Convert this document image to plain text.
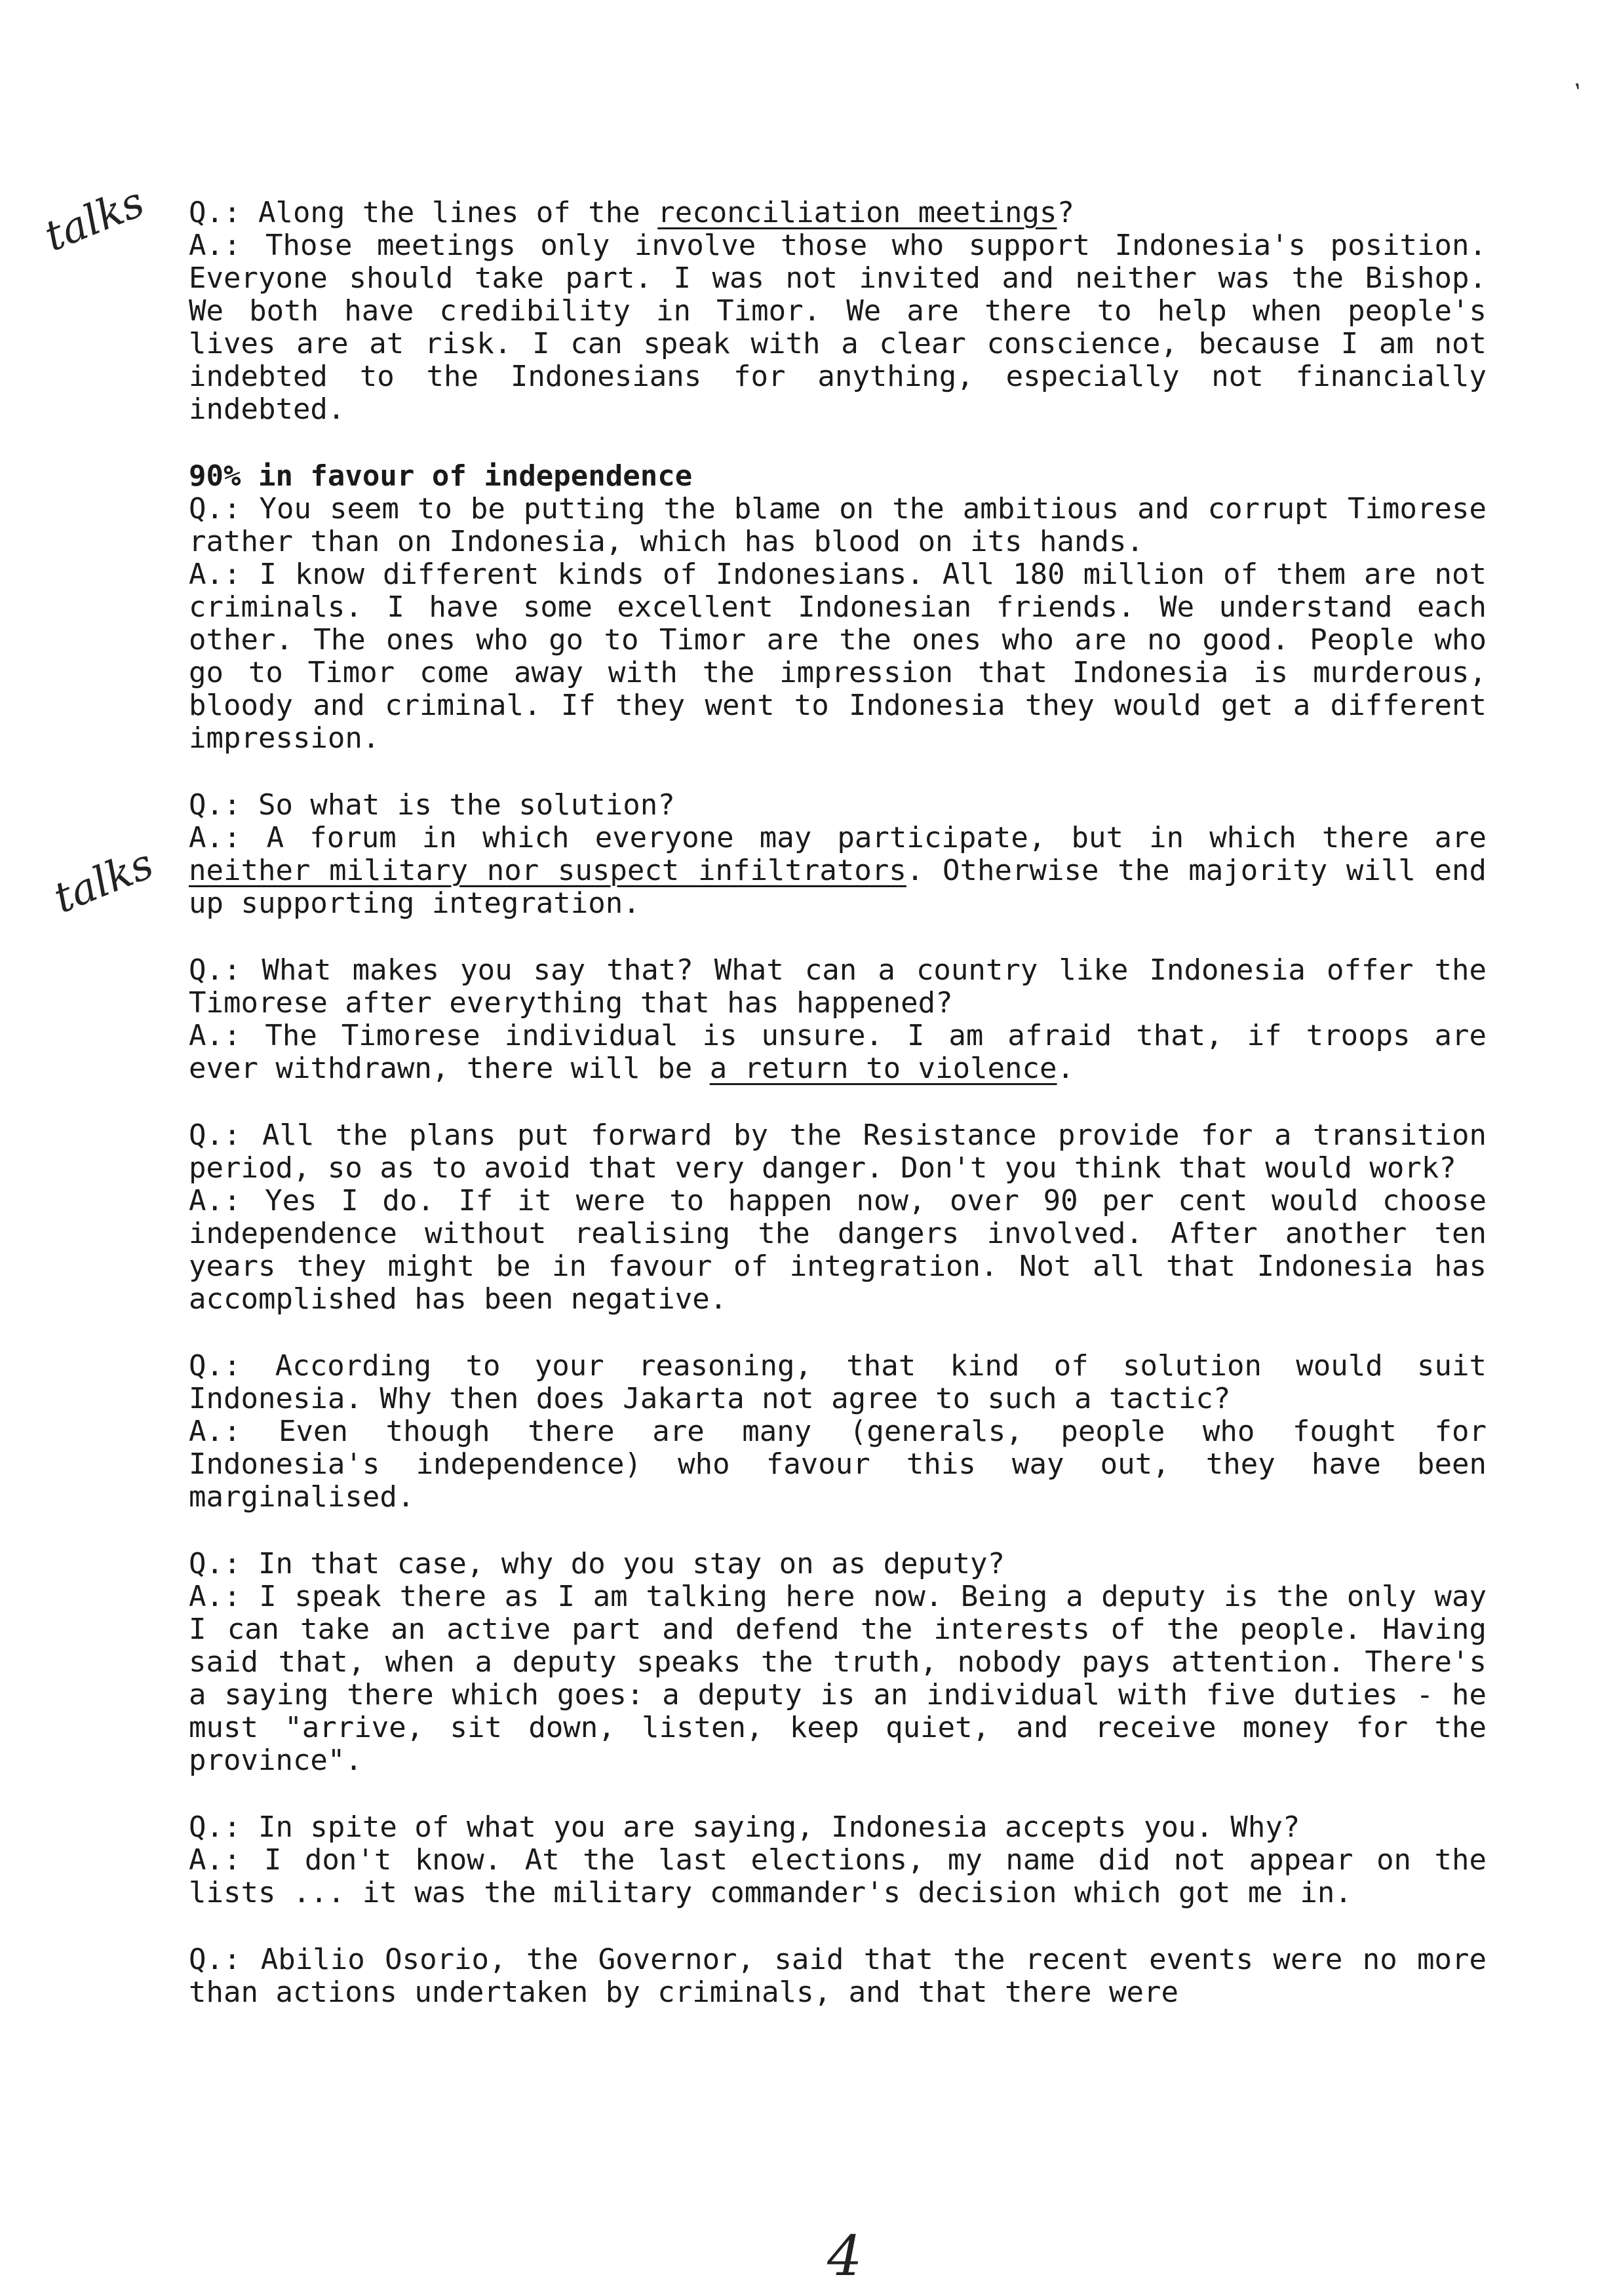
’
talks
talks
Q.: Along the lines of the reconciliation meetings?
A.: Those meetings only involve those who support Indonesia's position. Everyone should take part. I was not invited and neither was the Bishop. We both have credibility in Timor. We are there to help when people's lives are at risk. I can speak with a clear conscience, because I am not indebted to the Indonesians for anything, especially not financially indebted.
90% in favour of independence
Q.: You seem to be putting the blame on the ambitious and corrupt Timorese rather than on Indonesia, which has blood on its hands.
A.: I know different kinds of Indonesians. All 180 million of them are not criminals. I have some excellent Indonesian friends. We understand each other. The ones who go to Timor are the ones who are no good. People who go to Timor come away with the impression that Indonesia is murderous, bloody and criminal. If they went to Indonesia they would get a different impression.
Q.: So what is the solution?
A.: A forum in which everyone may participate, but in which there are neither military nor suspect infiltrators. Otherwise the majority will end up supporting integration.
Q.: What makes you say that? What can a country like Indonesia offer the Timorese after everything that has happened?
A.: The Timorese individual is unsure. I am afraid that, if troops are ever withdrawn, there will be a return to violence.
Q.: All the plans put forward by the Resistance provide for a transition period, so as to avoid that very danger. Don't you think that would work?
A.: Yes I do. If it were to happen now, over 90 per cent would choose independence without realising the dangers involved. After another ten years they might be in favour of integration. Not all that Indonesia has accomplished has been negative.
Q.: According to your reasoning, that kind of solution would suit Indonesia. Why then does Jakarta not agree to such a tactic?
A.: Even though there are many (generals, people who fought for Indonesia's independence) who favour this way out, they have been marginalised.
Q.: In that case, why do you stay on as deputy?
A.: I speak there as I am talking here now. Being a deputy is the only way I can take an active part and defend the interests of the people. Having said that, when a deputy speaks the truth, nobody pays attention. There's a saying there which goes: a deputy is an individual with five duties - he must "arrive, sit down, listen, keep quiet, and receive money for the province".
Q.: In spite of what you are saying, Indonesia accepts you. Why?
A.: I don't know. At the last elections, my name did not appear on the lists ... it was the military commander's decision which got me in.
Q.: Abilio Osorio, the Governor, said that the recent events were no more than actions undertaken by criminals, and that there were
4
